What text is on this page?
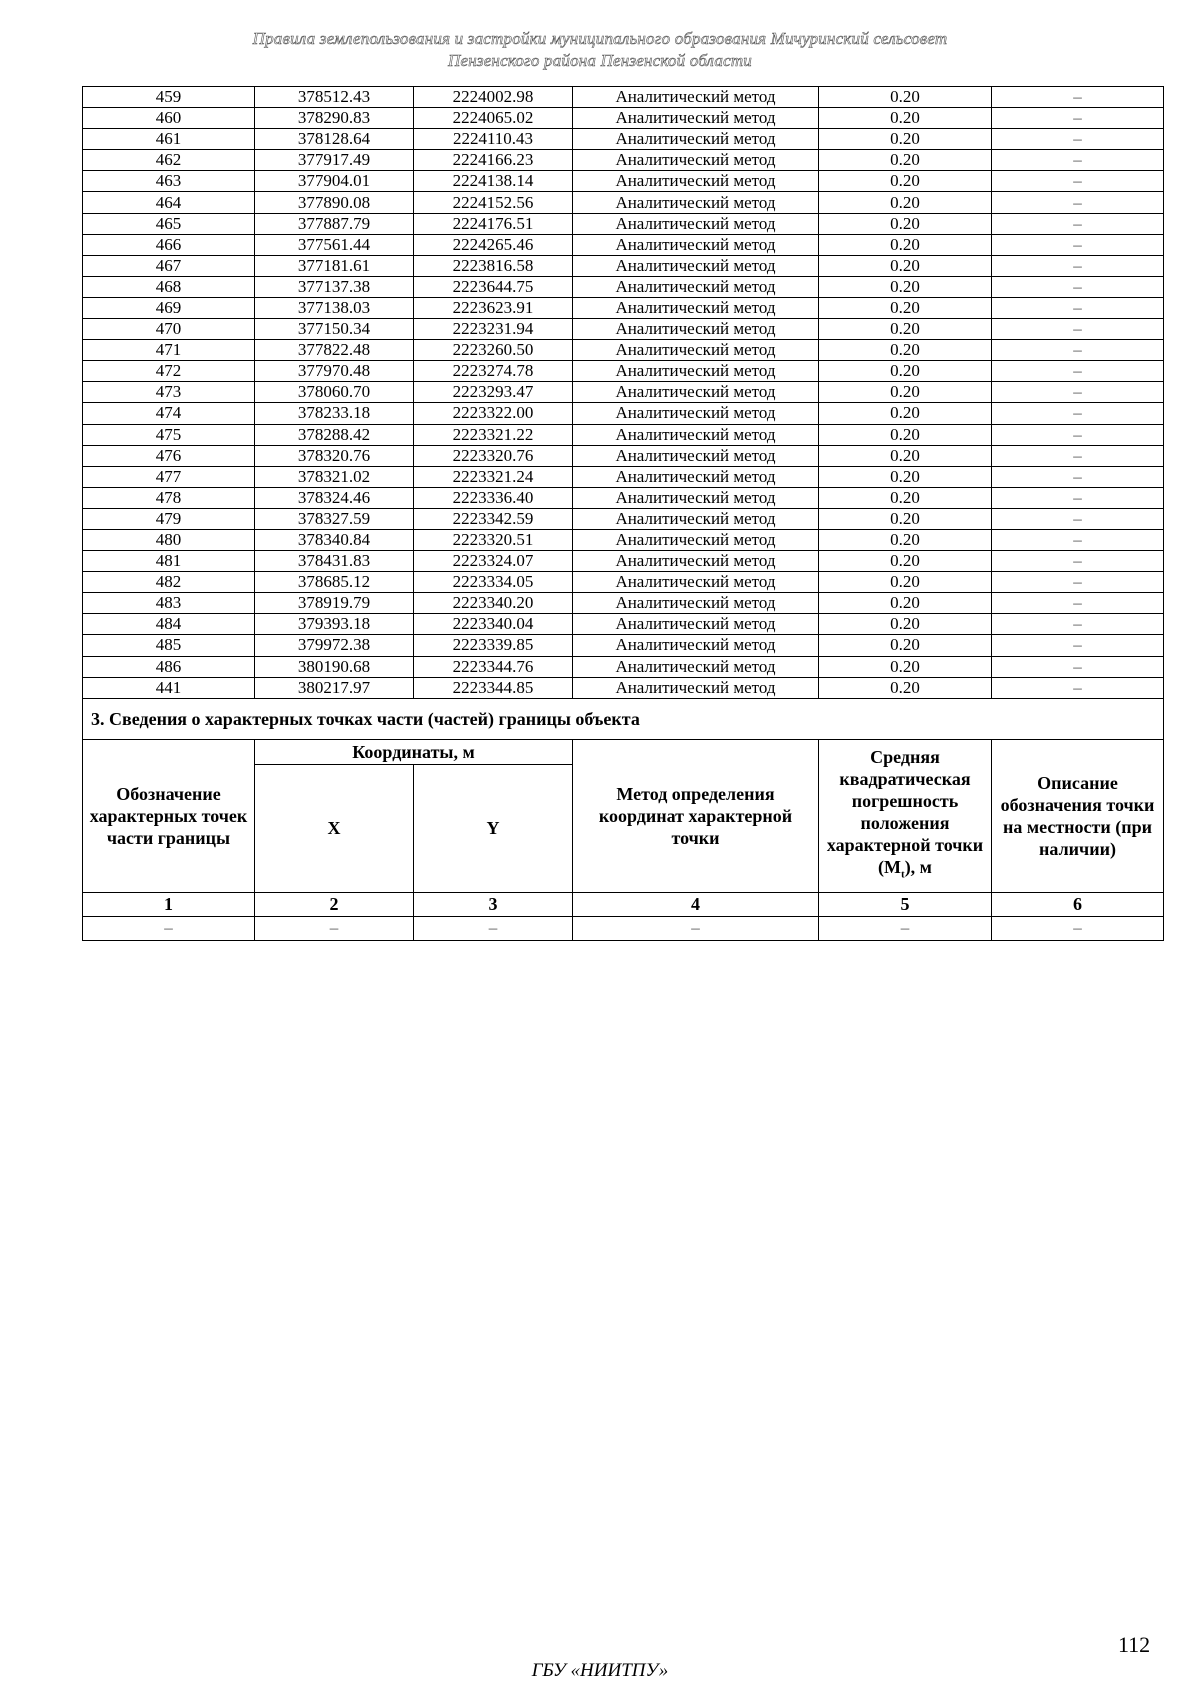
Правила землепользования и застройки муниципального образования Мичуринский сельсовет
Пензенского района Пензенской области
459	378512.43	2224002.98	Аналитический метод	0.20	–
460	378290.83	2224065.02	Аналитический метод	0.20	–
461	378128.64	2224110.43	Аналитический метод	0.20	–
462	377917.49	2224166.23	Аналитический метод	0.20	–
463	377904.01	2224138.14	Аналитический метод	0.20	–
464	377890.08	2224152.56	Аналитический метод	0.20	–
465	377887.79	2224176.51	Аналитический метод	0.20	–
466	377561.44	2224265.46	Аналитический метод	0.20	–
467	377181.61	2223816.58	Аналитический метод	0.20	–
468	377137.38	2223644.75	Аналитический метод	0.20	–
469	377138.03	2223623.91	Аналитический метод	0.20	–
470	377150.34	2223231.94	Аналитический метод	0.20	–
471	377822.48	2223260.50	Аналитический метод	0.20	–
472	377970.48	2223274.78	Аналитический метод	0.20	–
473	378060.70	2223293.47	Аналитический метод	0.20	–
474	378233.18	2223322.00	Аналитический метод	0.20	–
475	378288.42	2223321.22	Аналитический метод	0.20	–
476	378320.76	2223320.76	Аналитический метод	0.20	–
477	378321.02	2223321.24	Аналитический метод	0.20	–
478	378324.46	2223336.40	Аналитический метод	0.20	–
479	378327.59	2223342.59	Аналитический метод	0.20	–
480	378340.84	2223320.51	Аналитический метод	0.20	–
481	378431.83	2223324.07	Аналитический метод	0.20	–
482	378685.12	2223334.05	Аналитический метод	0.20	–
483	378919.79	2223340.20	Аналитический метод	0.20	–
484	379393.18	2223340.04	Аналитический метод	0.20	–
485	379972.38	2223339.85	Аналитический метод	0.20	–
486	380190.68	2223344.76	Аналитический метод	0.20	–
441	380217.97	2223344.85	Аналитический метод	0.20	–
3. Сведения о характерных точках части (частей) границы объекта					
Обозначение характерных точек части границы	Координаты, м		Метод определения координат характерной точки	Средняя квадратическая погрешность положения характерной точки $(M_t)$, м	Описание обозначения точки на местности (при наличии)
	X	Y			
1	2	3	4	5	6
–	–	–	–	–	–
112
ГБУ «НИИТПУ»
